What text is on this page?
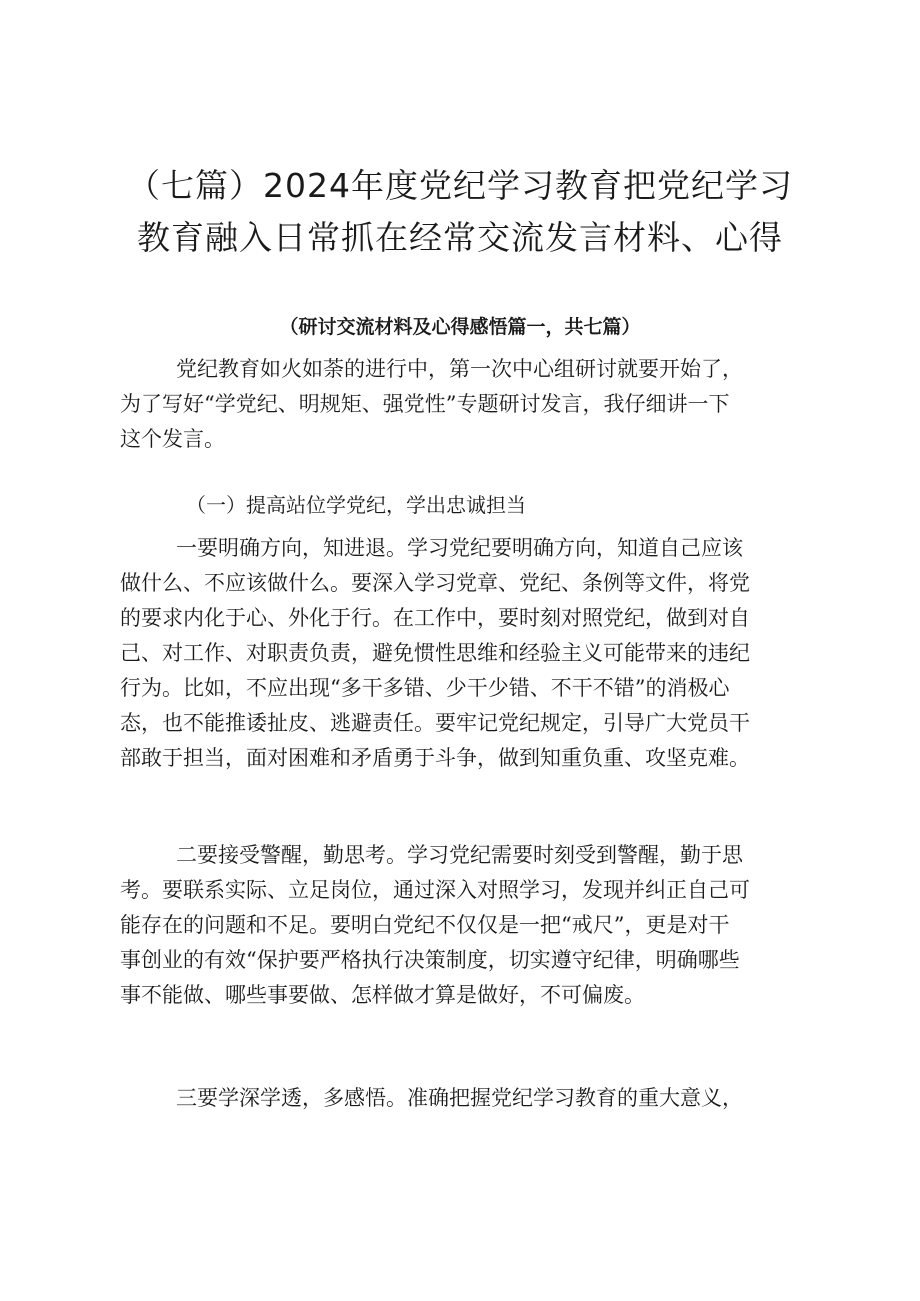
（七篇）2024年度党纪学习教育把党纪学习
教育融入日常抓在经常交流发言材料、心得

（研讨交流材料及心得感悟篇一，共七篇）

党纪教育如火如荼的进行中，第一次中心组研讨就要开始了，
为了写好“学党纪、明规矩、强党性”专题研讨发言，我仔细讲一下
这个发言。

（一）提高站位学党纪，学出忠诚担当

一要明确方向，知进退。学习党纪要明确方向，知道自己应该
做什么、不应该做什么。要深入学习党章、党纪、条例等文件，将党
的要求内化于心、外化于行。在工作中，要时刻对照党纪，做到对自
己、对工作、对职责负责，避免惯性思维和经验主义可能带来的违纪
行为。比如，不应出现“多干多错、少干少错、不干不错”的消极心
态，也不能推诿扯皮、逃避责任。要牢记党纪规定，引导广大党员干
部敢于担当，面对困难和矛盾勇于斗争，做到知重负重、攻坚克难。
二要接受警醒，勤思考。学习党纪需要时刻受到警醒，勤于思
考。要联系实际、立足岗位，通过深入对照学习，发现并纠正自己可
能存在的问题和不足。要明白党纪不仅仅是一把“戒尺”，更是对干
事创业的有效“保护要严格执行决策制度，切实遵守纪律，明确哪些
事不能做、哪些事要做、怎样做才算是做好，不可偏废。
三要学深学透，多感悟。准确把握党纪学习教育的重大意义，
